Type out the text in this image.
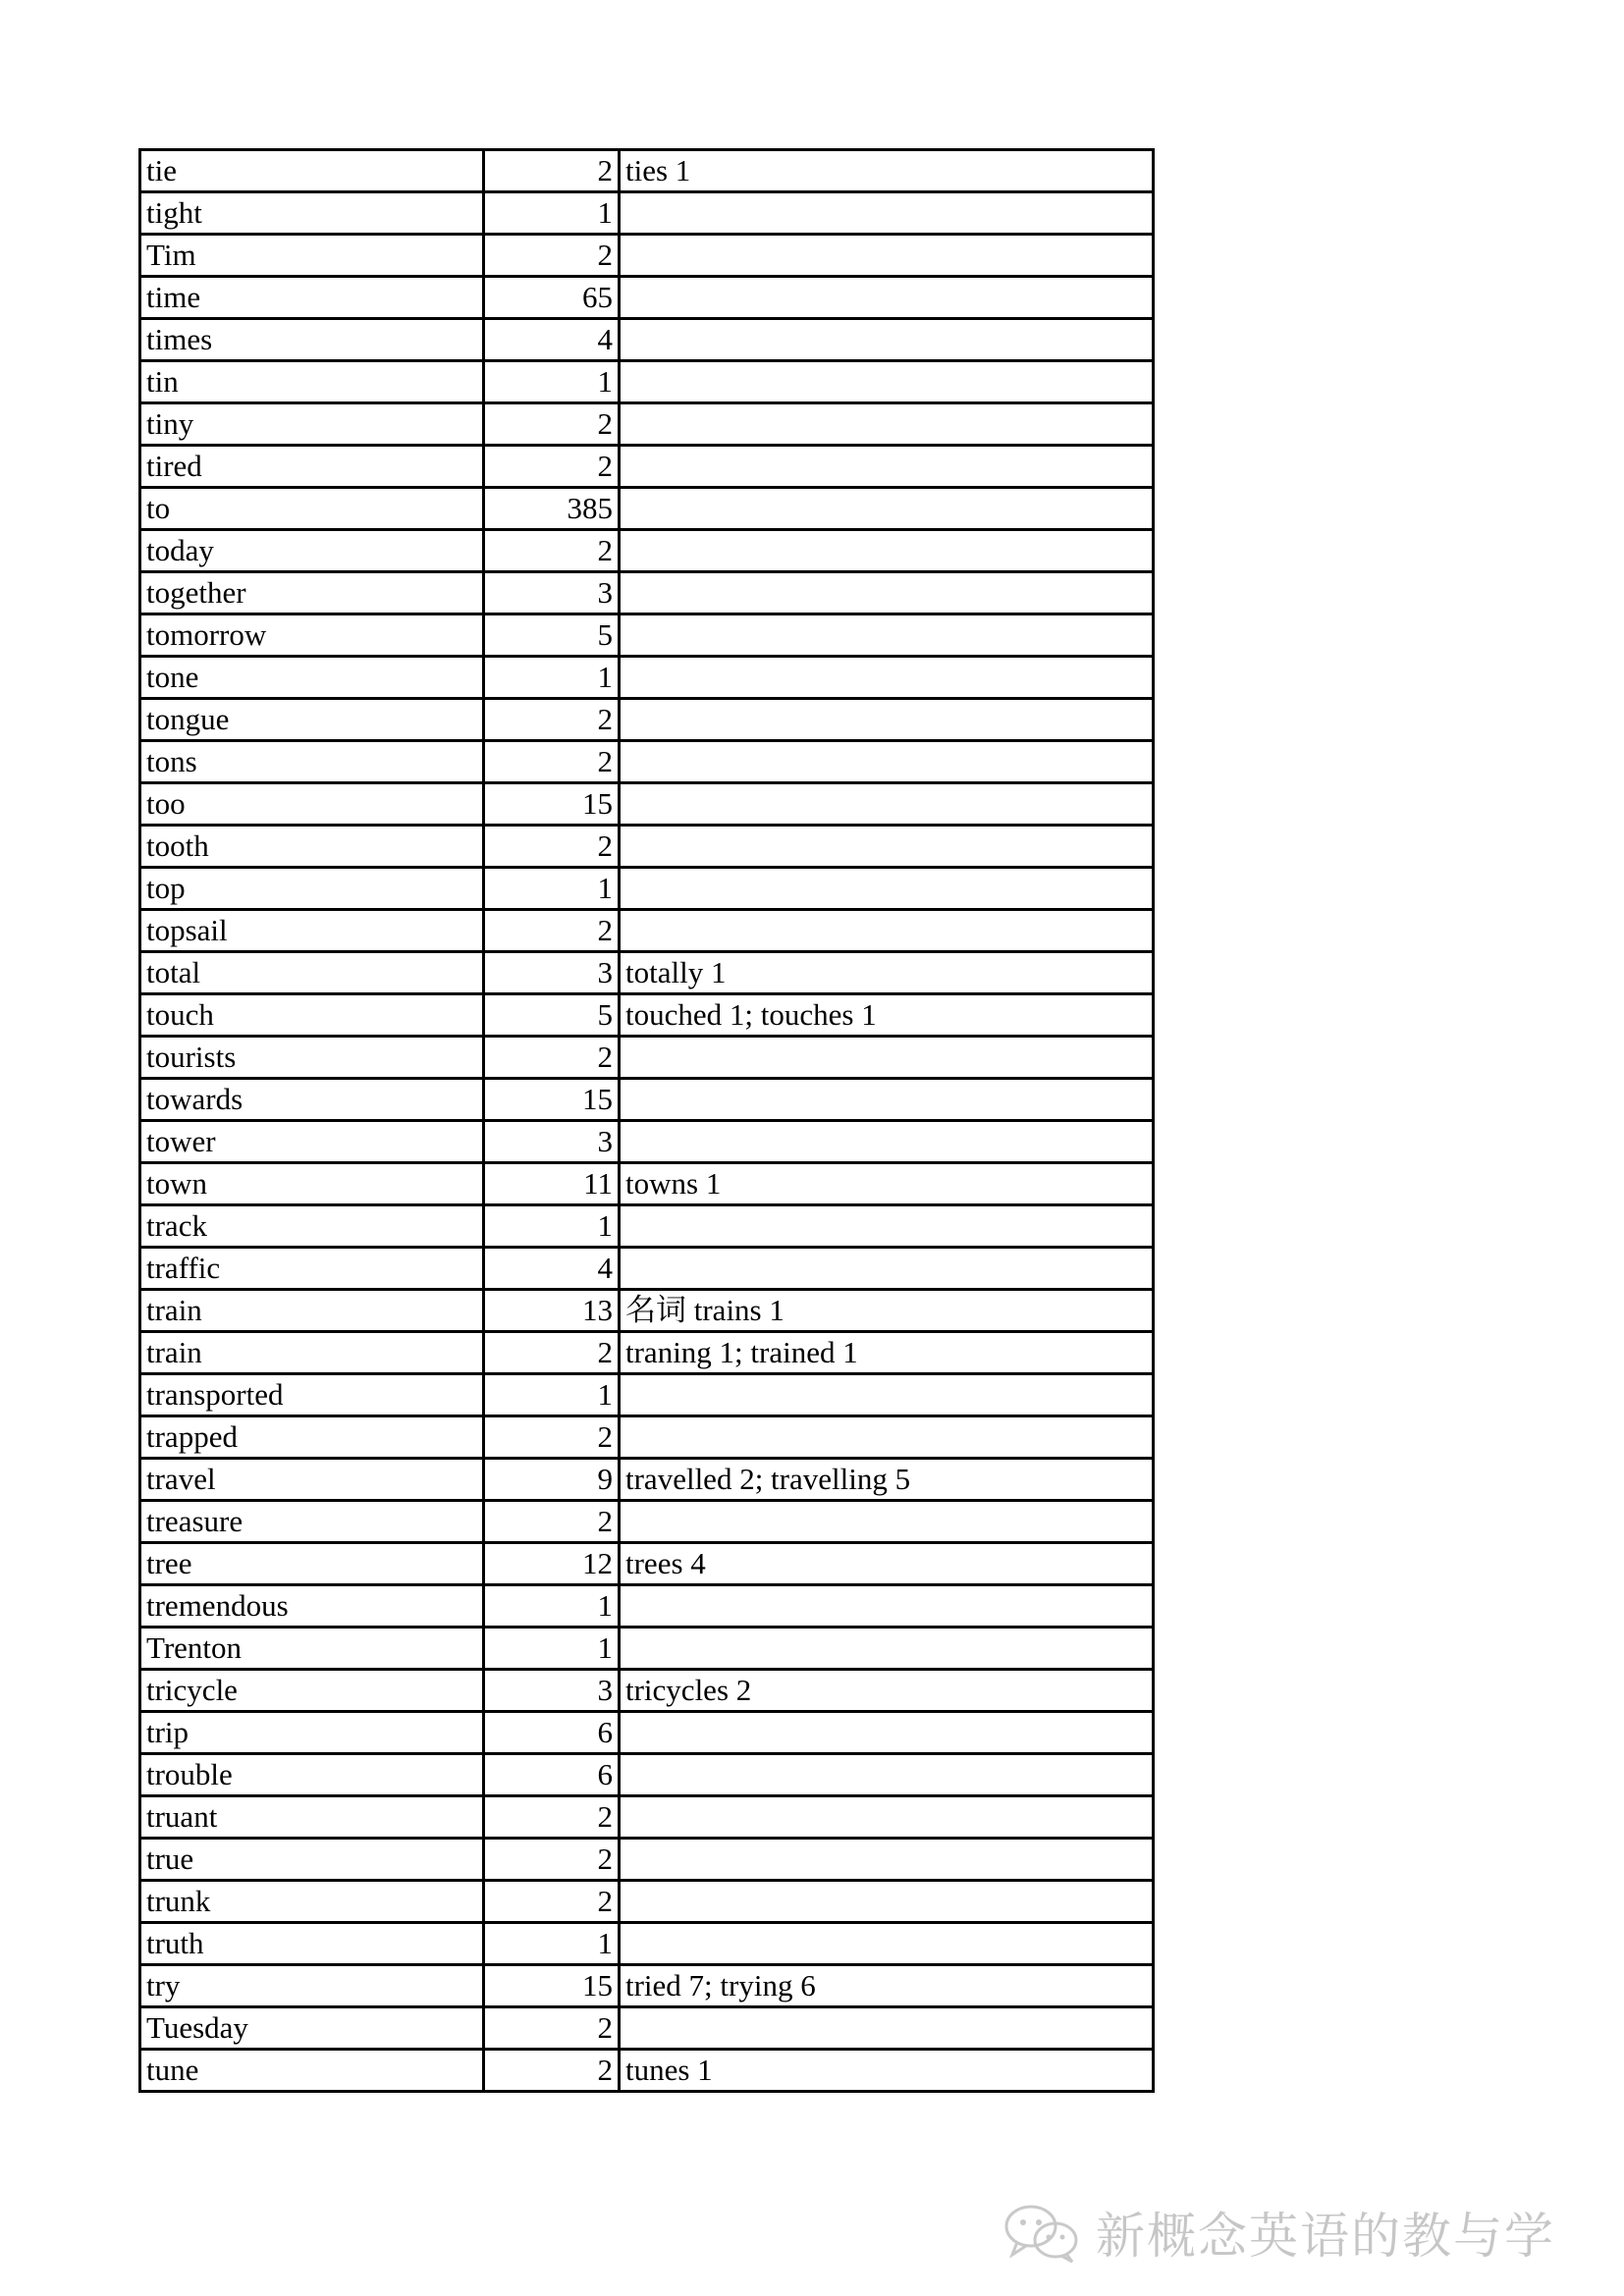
tie	2	ties 1
tight	1	
Tim	2	
time	65	
times	4	
tin	1	
tiny	2	
tired	2	
to	385	
today	2	
together	3	
tomorrow	5	
tone	1	
tongue	2	
tons	2	
too	15	
tooth	2	
top	1	
topsail	2	
total	3	totally 1
touch	5	touched 1; touches 1
tourists	2	
towards	15	
tower	3	
town	11	towns 1
track	1	
traffic	4	
train	13	名词 trains 1
train	2	traning 1; trained 1
transported	1	
trapped	2	
travel	9	travelled 2; travelling 5
treasure	2	
tree	12	trees 4
tremendous	1	
Trenton	1	
tricycle	3	tricycles 2
trip	6	
trouble	6	
truant	2	
true	2	
trunk	2	
truth	1	
try	15	tried 7; trying 6
Tuesday	2	
tune	2	tunes 1
新概念英语的教与学
